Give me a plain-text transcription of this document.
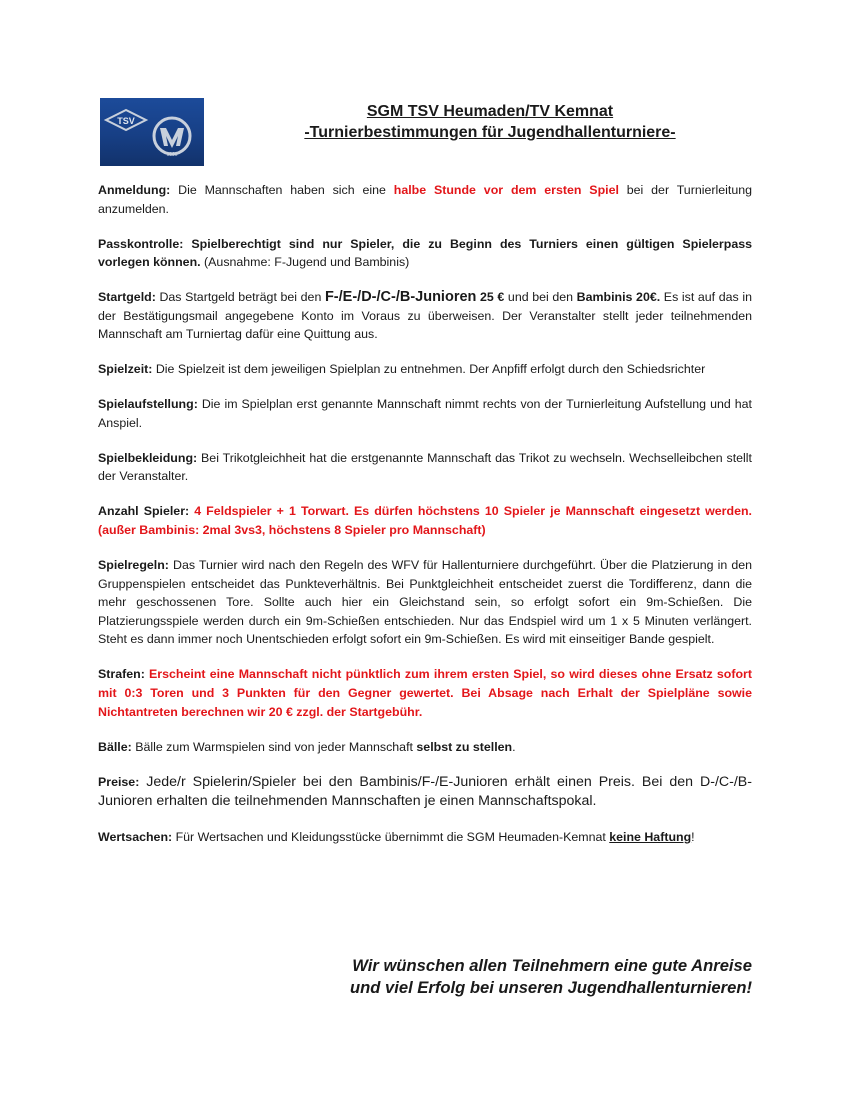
TSV
1890
SGM TSV Heumaden/TV Kemnat
-Turnierbestimmungen für Jugendhallenturniere-

Anmeldung: Die Mannschaften haben sich eine halbe Stunde vor dem ersten Spiel bei der Turnierleitung anzumelden.

Passkontrolle: Spielberechtigt sind nur Spieler, die zu Beginn des Turniers einen gültigen Spielerpass vorlegen können. (Ausnahme: F-Jugend und Bambinis)

Startgeld: Das Startgeld beträgt bei den F-/E-/D-/C-/B-Junioren 25 € und bei den Bambinis 20€. Es ist auf das in der Bestätigungsmail angegebene Konto im Voraus zu überweisen. Der Veranstalter stellt jeder teilnehmenden Mannschaft am Turniertag dafür eine Quittung aus.

Spielzeit: Die Spielzeit ist dem jeweiligen Spielplan zu entnehmen. Der Anpfiff erfolgt durch den Schiedsrichter

Spielaufstellung: Die im Spielplan erst genannte Mannschaft nimmt rechts von der Turnierleitung Aufstellung und hat Anspiel.

Spielbekleidung: Bei Trikotgleichheit hat die erstgenannte Mannschaft das Trikot zu wechseln. Wechselleibchen stellt der Veranstalter.

Anzahl Spieler: 4 Feldspieler + 1 Torwart. Es dürfen höchstens 10 Spieler je Mannschaft eingesetzt werden. (außer Bambinis: 2mal 3vs3, höchstens 8 Spieler pro Mannschaft)

Spielregeln: Das Turnier wird nach den Regeln des WFV für Hallenturniere durchgeführt. Über die Platzierung in den Gruppenspielen entscheidet das Punkteverhältnis. Bei Punktgleichheit entscheidet zuerst die Tordifferenz, dann die mehr geschossenen Tore. Sollte auch hier ein Gleichstand sein, so erfolgt sofort ein 9m-Schießen. Die Platzierungsspiele werden durch ein 9m-Schießen entschieden. Nur das Endspiel wird um 1 x 5 Minuten verlängert. Steht es dann immer noch Unentschieden erfolgt sofort ein 9m-Schießen. Es wird mit einseitiger Bande gespielt.

Strafen: Erscheint eine Mannschaft nicht pünktlich zum ihrem ersten Spiel, so wird dieses ohne Ersatz sofort mit 0:3 Toren und 3 Punkten für den Gegner gewertet. Bei Absage nach Erhalt der Spielpläne sowie Nichtantreten berechnen wir 20 € zzgl. der Startgebühr.

Bälle: Bälle zum Warmspielen sind von jeder Mannschaft selbst zu stellen.

Preise: Jede/r Spielerin/Spieler bei den Bambinis/F-/E-Junioren erhält einen Preis. Bei den D-/C-/B-Junioren erhalten die teilnehmenden Mannschaften je einen Mannschaftspokal.

Wertsachen: Für Wertsachen und Kleidungsstücke übernimmt die SGM Heumaden-Kemnat keine Haftung!

Wir wünschen allen Teilnehmern eine gute Anreise
und viel Erfolg bei unseren Jugendhallenturnieren!
